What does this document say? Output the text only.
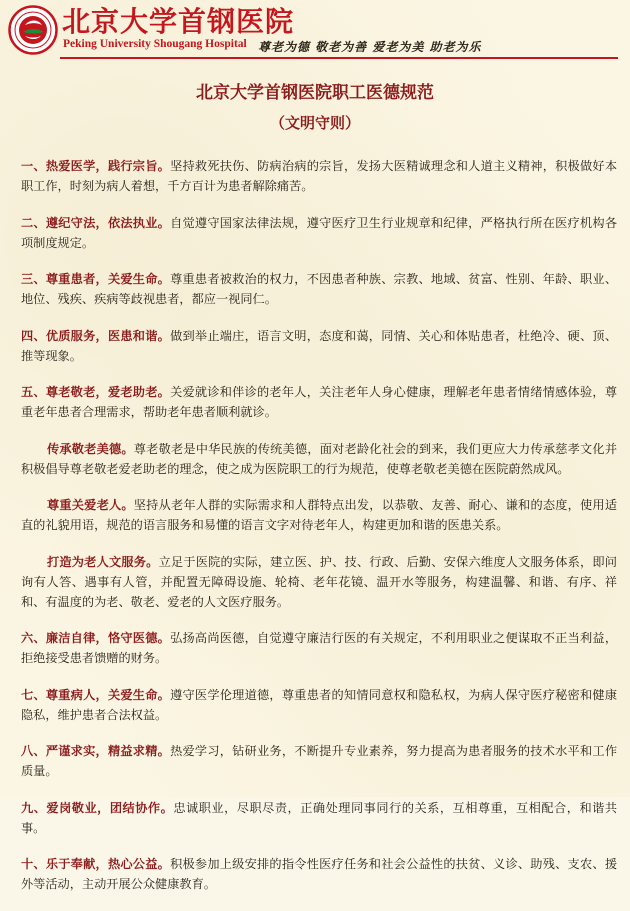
北京大学首钢医院
Peking University Shougang Hospital 尊老为德 敬老为善 爱老为美 助老为乐
北京大学首钢医院职工医德规范
（文明守则）

一、热爱医学，践行宗旨。坚持救死扶伤、防病治病的宗旨，发扬大医精诚理念和人道主义精神，积极做好本职工作，时刻为病人着想，千方百计为患者解除痛苦。

二、遵纪守法，依法执业。自觉遵守国家法律法规，遵守医疗卫生行业规章和纪律，严格执行所在医疗机构各项制度规定。

三、尊重患者，关爱生命。尊重患者被救治的权力，不因患者种族、宗教、地域、贫富、性别、年龄、职业、地位、残疾、疾病等歧视患者，都应一视同仁。

四、优质服务，医患和谐。做到举止端庄，语言文明，态度和蔼，同情、关心和体贴患者，杜绝冷、硬、顶、推等现象。

五、尊老敬老，爱老助老。关爱就诊和伴诊的老年人，关注老年人身心健康，理解老年患者情绪情感体验，尊重老年患者合理需求，帮助老年患者顺利就诊。

传承敬老美德。尊老敬老是中华民族的传统美德，面对老龄化社会的到来，我们更应大力传承慈孝文化并积极倡导尊老敬老爱老助老的理念，使之成为医院职工的行为规范，使尊老敬老美德在医院蔚然成风。

尊重关爱老人。坚持从老年人群的实际需求和人群特点出发，以恭敬、友善、耐心、谦和的态度，使用适直的礼貌用语，规范的语言服务和易懂的语言文字对待老年人，构建更加和谐的医患关系。

打造为老人文服务。立足于医院的实际，建立医、护、技、行政、后勤、安保六维度人文服务体系，即问询有人答、遇事有人管，并配置无障碍设施、轮椅、老年花镜、温开水等服务，构建温馨、和谐、有序、祥和、有温度的为老、敬老、爱老的人文医疗服务。

六、廉洁自律，恪守医德。弘扬高尚医德，自觉遵守廉洁行医的有关规定，不利用职业之便谋取不正当利益，拒绝接受患者馈赠的财务。

七、尊重病人，关爱生命。遵守医学伦理道德，尊重患者的知情同意权和隐私权，为病人保守医疗秘密和健康隐私，维护患者合法权益。

八、严谨求实，精益求精。热爱学习，钻研业务，不断提升专业素养，努力提高为患者服务的技术水平和工作质量。

九、爱岗敬业，团结协作。忠诚职业，尽职尽责，正确处理同事同行的关系，互相尊重，互相配合，和谐共事。

十、乐于奉献，热心公益。积极参加上级安排的指令性医疗任务和社会公益性的扶贫、义诊、助残、支农、援外等活动，主动开展公众健康教育。
